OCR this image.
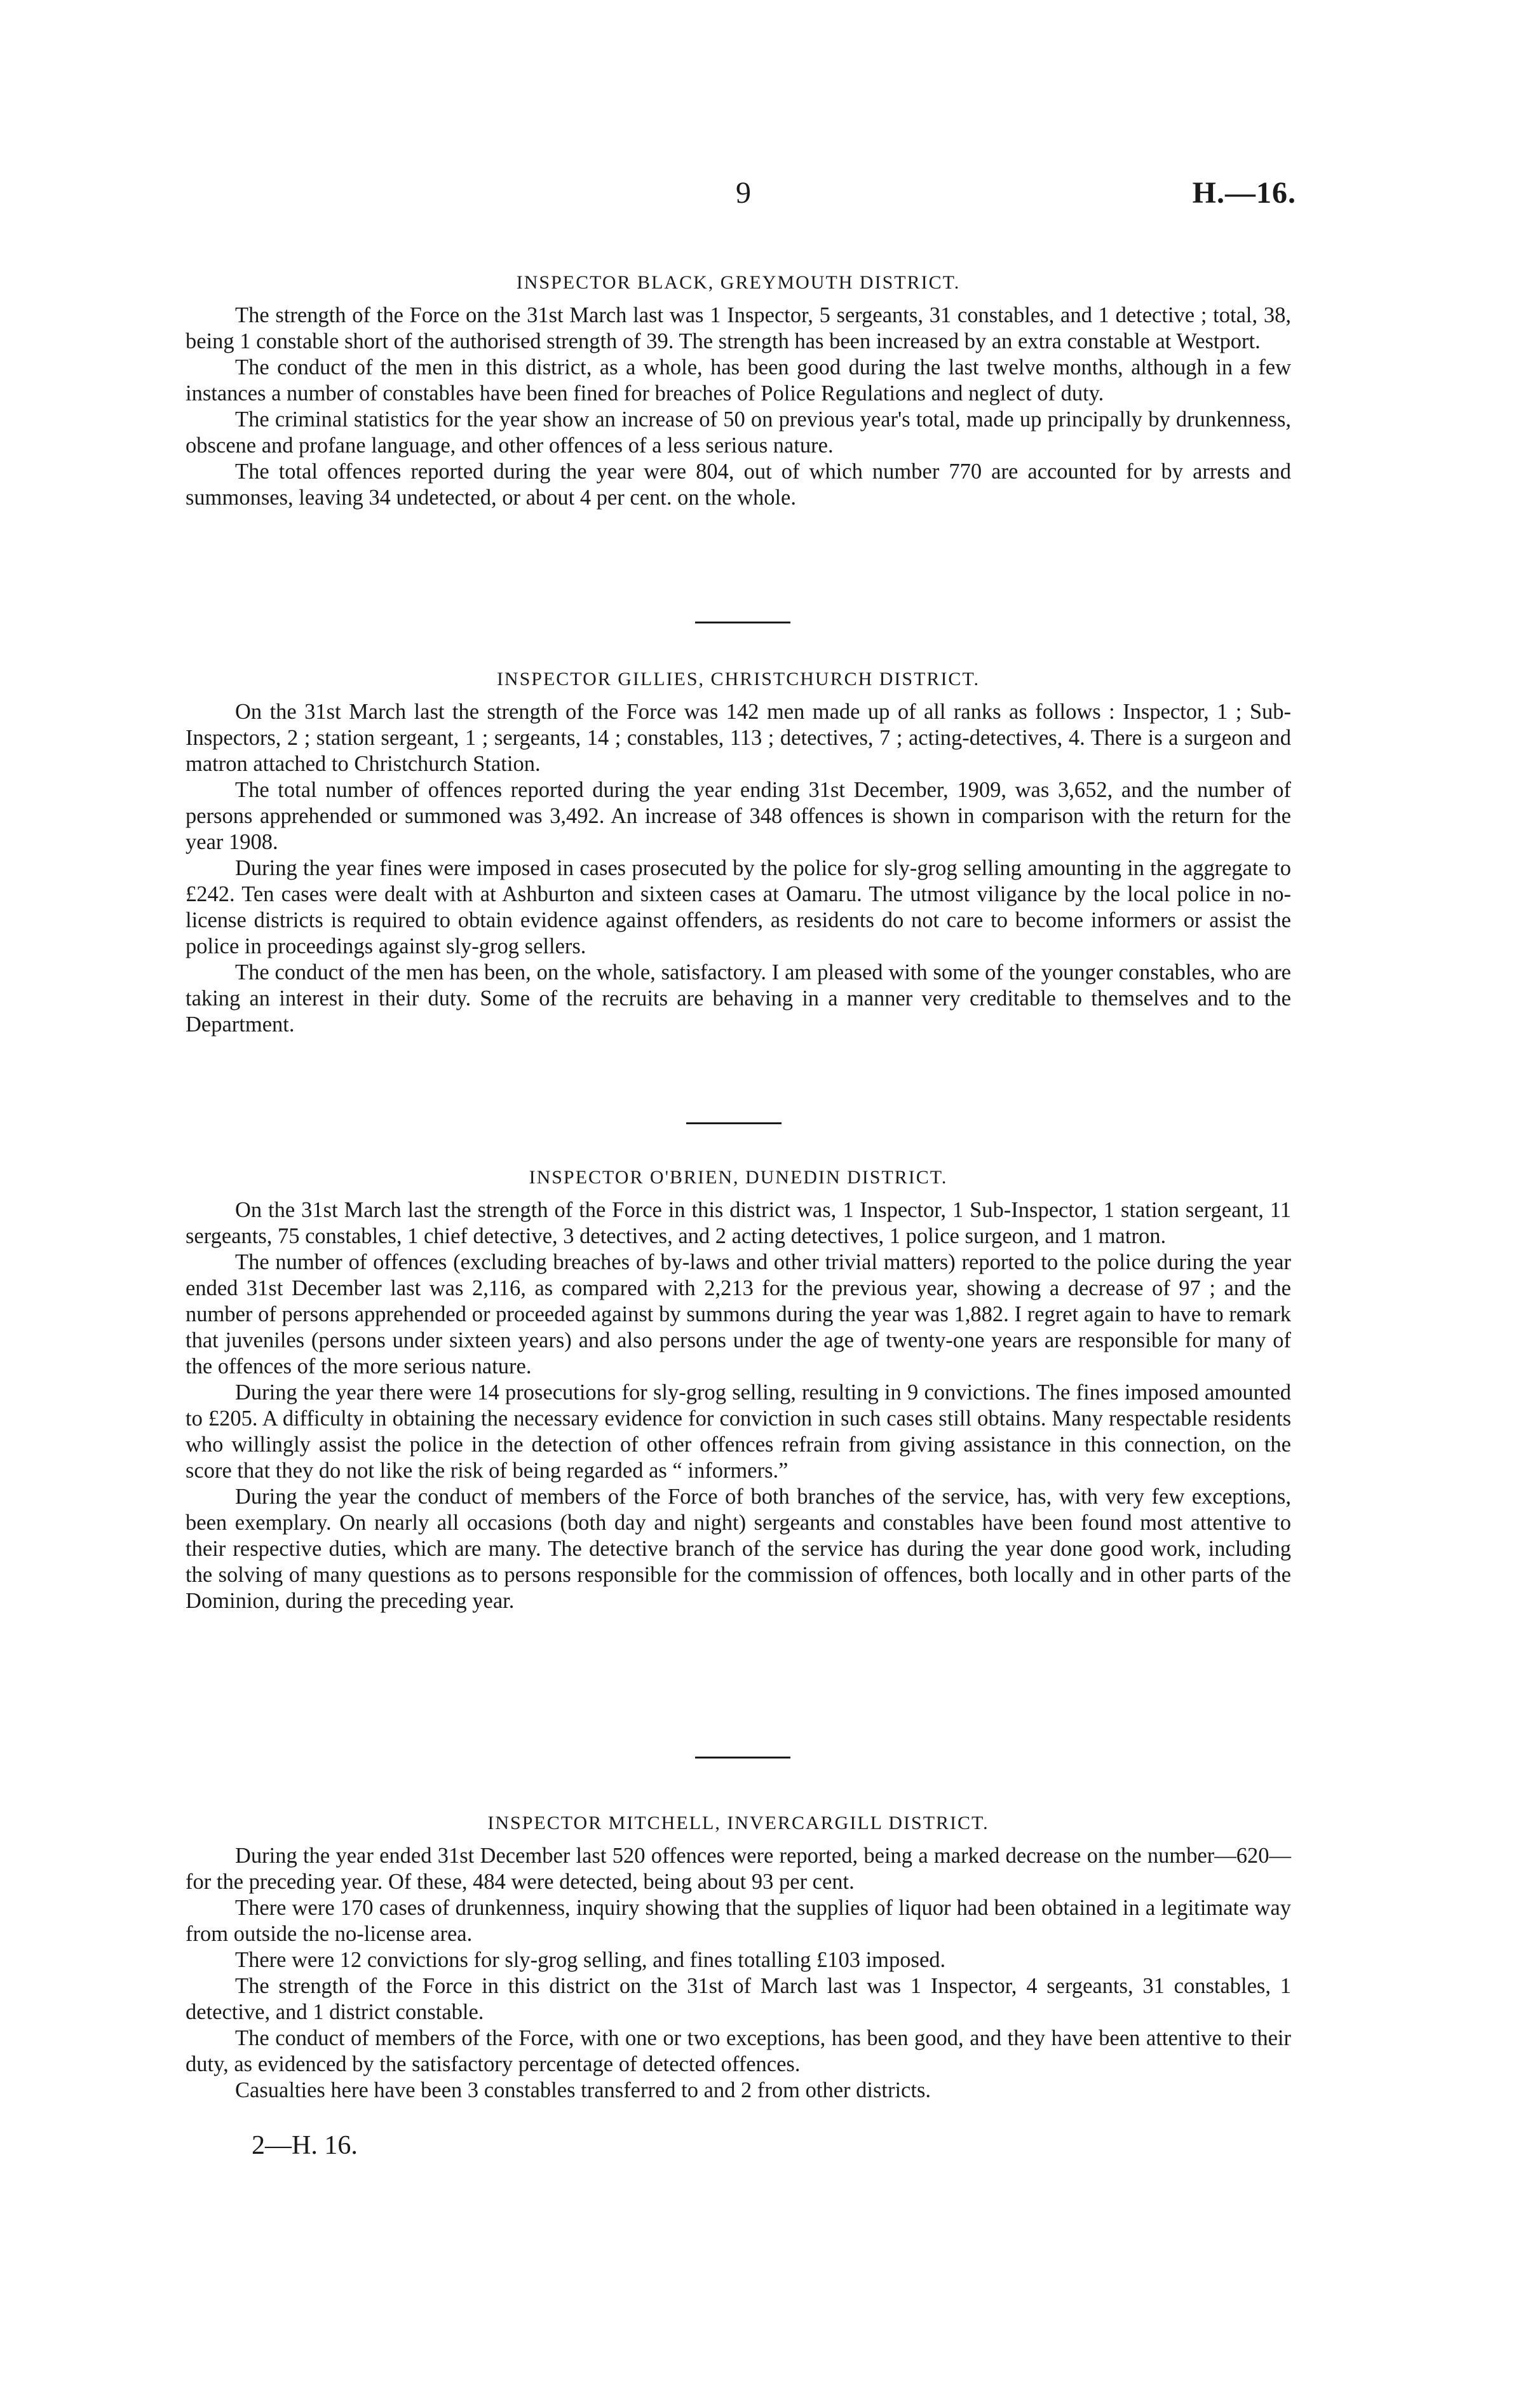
9	H.—16.
INSPECTOR BLACK, GREYMOUTH DISTRICT.

The strength of the Force on the 31st March last was 1 Inspector, 5 sergeants, 31 constables, and 1 detective ; total, 38, being 1 constable short of the authorised strength of 39. The strength has been increased by an extra constable at Westport.

The conduct of the men in this district, as a whole, has been good during the last twelve months, although in a few instances a number of constables have been fined for breaches of Police Regulations and neglect of duty.

The criminal statistics for the year show an increase of 50 on previous year's total, made up principally by drunkenness, obscene and profane language, and other offences of a less serious nature.

The total offences reported during the year were 804, out of which number 770 are accounted for by arrests and summonses, leaving 34 undetected, or about 4 per cent. on the whole.

INSPECTOR GILLIES, CHRISTCHURCH DISTRICT.

On the 31st March last the strength of the Force was 142 men made up of all ranks as follows : Inspector, 1 ; Sub-Inspectors, 2 ; station sergeant, 1 ; sergeants, 14 ; constables, 113 ; detectives, 7 ; acting-detectives, 4. There is a surgeon and matron attached to Christchurch Station.

The total number of offences reported during the year ending 31st December, 1909, was 3,652, and the number of persons apprehended or summoned was 3,492. An increase of 348 offences is shown in comparison with the return for the year 1908.

During the year fines were imposed in cases prosecuted by the police for sly-grog selling amounting in the aggregate to £242. Ten cases were dealt with at Ashburton and sixteen cases at Oamaru. The utmost viligance by the local police in no-license districts is required to obtain evidence against offenders, as residents do not care to become informers or assist the police in proceedings against sly-grog sellers.

The conduct of the men has been, on the whole, satisfactory. I am pleased with some of the younger constables, who are taking an interest in their duty. Some of the recruits are behaving in a manner very creditable to themselves and to the Department.

INSPECTOR O'BRIEN, DUNEDIN DISTRICT.

On the 31st March last the strength of the Force in this district was, 1 Inspector, 1 Sub-Inspector, 1 station sergeant, 11 sergeants, 75 constables, 1 chief detective, 3 detectives, and 2 acting detectives, 1 police surgeon, and 1 matron.

The number of offences (excluding breaches of by-laws and other trivial matters) reported to the police during the year ended 31st December last was 2,116, as compared with 2,213 for the previous year, showing a decrease of 97 ; and the number of persons apprehended or proceeded against by summons during the year was 1,882. I regret again to have to remark that juveniles (persons under sixteen years) and also persons under the age of twenty-one years are responsible for many of the offences of the more serious nature.

During the year there were 14 prosecutions for sly-grog selling, resulting in 9 convictions. The fines imposed amounted to £205. A difficulty in obtaining the necessary evidence for conviction in such cases still obtains. Many respectable residents who willingly assist the police in the detection of other offences refrain from giving assistance in this connection, on the score that they do not like the risk of being regarded as “ informers.”

During the year the conduct of members of the Force of both branches of the service, has, with very few exceptions, been exemplary. On nearly all occasions (both day and night) sergeants and constables have been found most attentive to their respective duties, which are many. The detective branch of the service has during the year done good work, including the solving of many questions as to persons responsible for the commission of offences, both locally and in other parts of the Dominion, during the preceding year.

INSPECTOR MITCHELL, INVERCARGILL DISTRICT.

During the year ended 31st December last 520 offences were reported, being a marked decrease on the number—620—for the preceding year. Of these, 484 were detected, being about 93 per cent.

There were 170 cases of drunkenness, inquiry showing that the supplies of liquor had been obtained in a legitimate way from outside the no-license area.

There were 12 convictions for sly-grog selling, and fines totalling £103 imposed.

The strength of the Force in this district on the 31st of March last was 1 Inspector, 4 sergeants, 31 constables, 1 detective, and 1 district constable.

The conduct of members of the Force, with one or two exceptions, has been good, and they have been attentive to their duty, as evidenced by the satisfactory percentage of detected offences.

Casualties here have been 3 constables transferred to and 2 from other districts.

2—H. 16.
